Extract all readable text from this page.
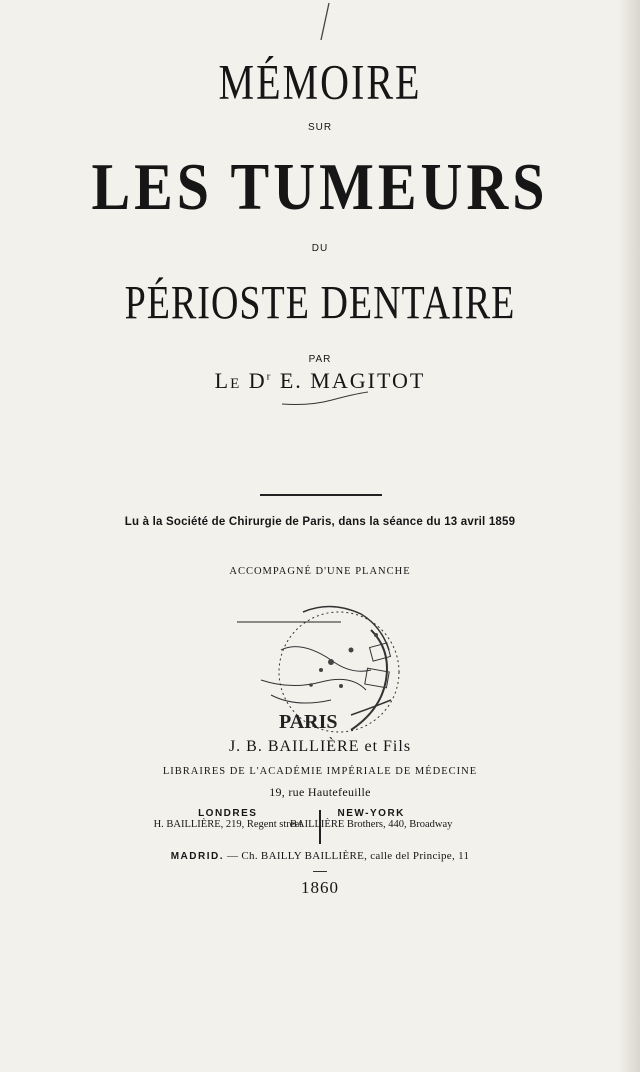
MÉMOIRE
SUR
LES TUMEURS
DU
PÉRIOSTE DENTAIRE
PAR
Le $D^r$ E. MAGITOT
Lu à la Société de Chirurgie de Paris, dans la séance du 13 avril 1859
ACCOMPAGNÉ D'UNE PLANCHE
PARIS
J. B. BAILLIÈRE et Fils
LIBRAIRES DE L'ACADÉMIE IMPÉRIALE DE MÉDECINE
19, rue Hautefeuille
LONDRES
H. BAILLIÈRE, 219, Regent street
NEW-YORK
BAILLIÈRE Brothers, 440, Broadway
MADRID. — Ch. BAILLY BAILLIÈRE, calle del Principe, 11
1860
